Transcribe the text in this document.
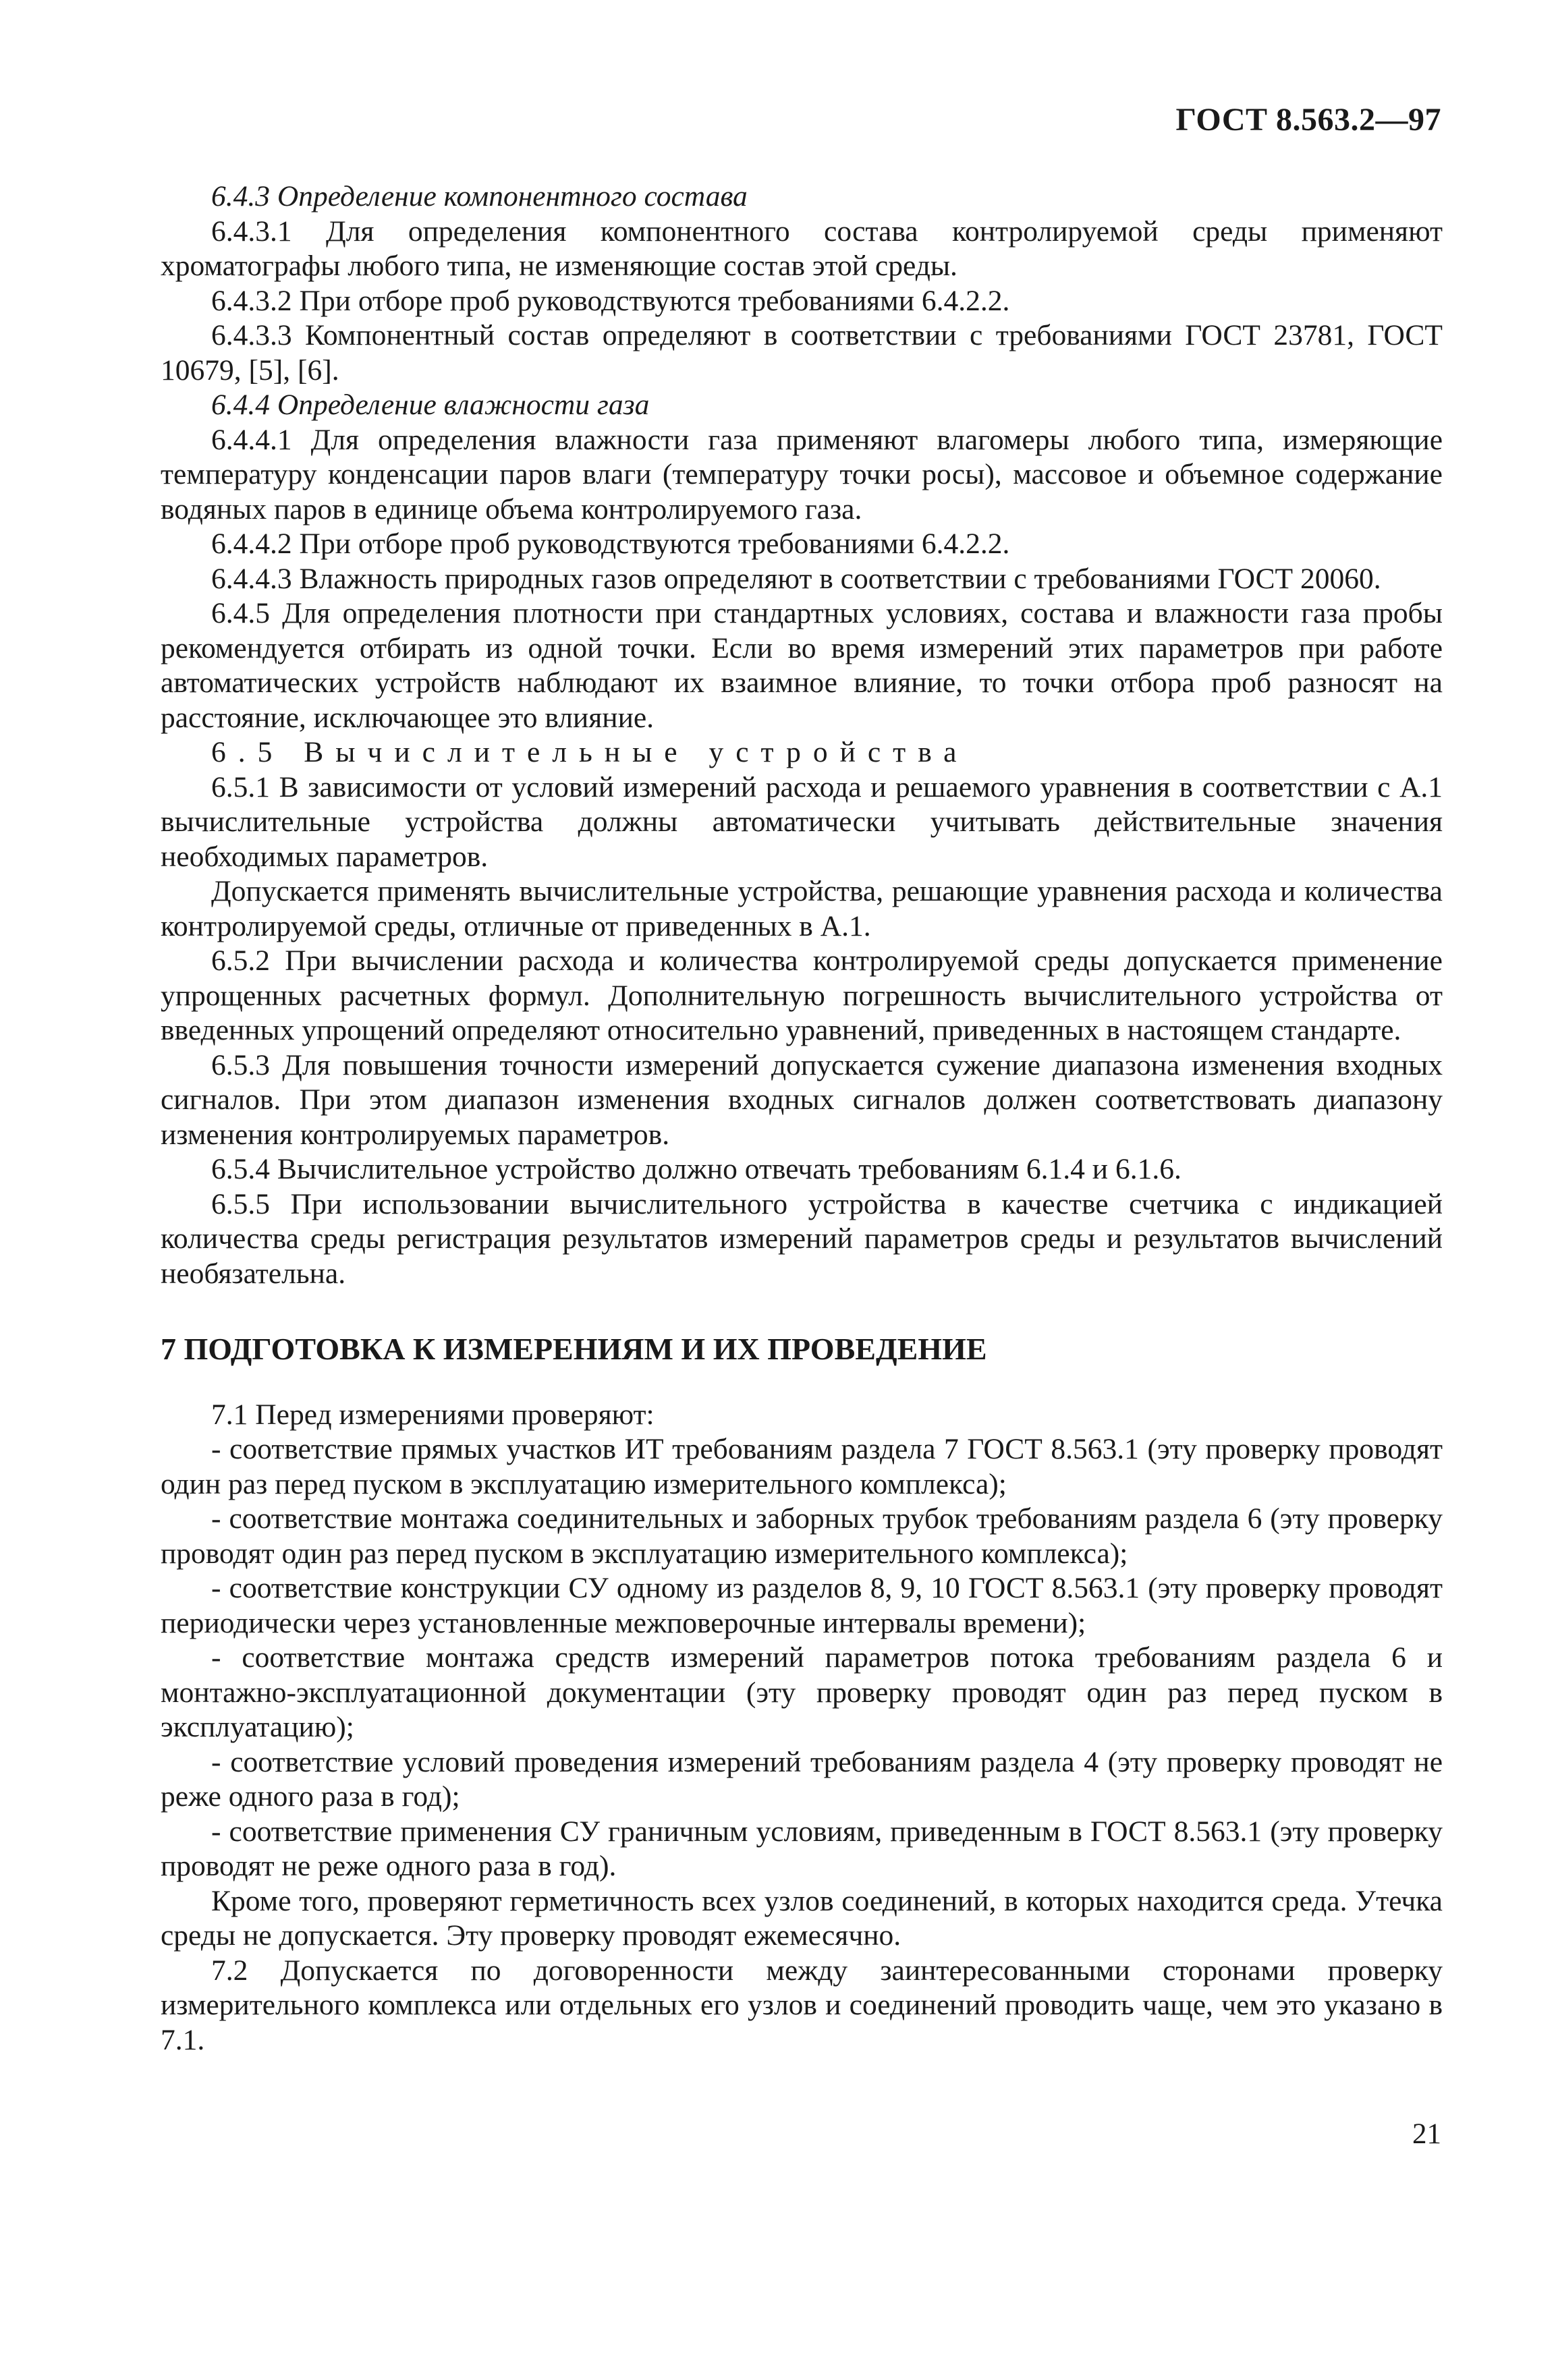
ГОСТ 8.563.2—97

6.4.3 Определение компонентного состава

6.4.3.1 Для определения компонентного состава контролируемой среды применяют хроматографы любого типа, не изменяющие состав этой среды.

6.4.3.2 При отборе проб руководствуются требованиями 6.4.2.2.

6.4.3.3 Компонентный состав определяют в соответствии с требованиями ГОСТ 23781, ГОСТ 10679, [5], [6].

6.4.4 Определение влажности газа

6.4.4.1 Для определения влажности газа применяют влагомеры любого типа, измеряющие температуру конденсации паров влаги (температуру точки росы), массовое и объемное содержание водяных паров в единице объема контролируемого газа.

6.4.4.2 При отборе проб руководствуются требованиями 6.4.2.2.

6.4.4.3 Влажность природных газов определяют в соответствии с требованиями ГОСТ 20060.

6.4.5 Для определения плотности при стандартных условиях, состава и влажности газа пробы рекомендуется отбирать из одной точки. Если во время измерений этих параметров при работе автоматических устройств наблюдают их взаимное влияние, то точки отбора проб разносят на расстояние, исключающее это влияние.

6.5 Вычислительные устройства

6.5.1 В зависимости от условий измерений расхода и решаемого уравнения в соответствии с А.1 вычислительные устройства должны автоматически учитывать действительные значения необходимых параметров.

Допускается применять вычислительные устройства, решающие уравнения расхода и количества контролируемой среды, отличные от приведенных в А.1.

6.5.2 При вычислении расхода и количества контролируемой среды допускается применение упрощенных расчетных формул. Дополнительную погрешность вычислительного устройства от введенных упрощений определяют относительно уравнений, приведенных в настоящем стандарте.

6.5.3 Для повышения точности измерений допускается сужение диапазона изменения входных сигналов. При этом диапазон изменения входных сигналов должен соответствовать диапазону изменения контролируемых параметров.

6.5.4 Вычислительное устройство должно отвечать требованиям 6.1.4 и 6.1.6.

6.5.5 При использовании вычислительного устройства в качестве счетчика с индикацией количества среды регистрация результатов измерений параметров среды и результатов вычислений необязательна.

7 ПОДГОТОВКА К ИЗМЕРЕНИЯМ И ИХ ПРОВЕДЕНИЕ

7.1 Перед измерениями проверяют:

- соответствие прямых участков ИТ требованиям раздела 7 ГОСТ 8.563.1 (эту проверку проводят один раз перед пуском в эксплуатацию измерительного комплекса);

- соответствие монтажа соединительных и заборных трубок требованиям раздела 6 (эту проверку проводят один раз перед пуском в эксплуатацию измерительного комплекса);

- соответствие конструкции СУ одному из разделов 8, 9, 10 ГОСТ 8.563.1 (эту проверку проводят периодически через установленные межповерочные интервалы времени);

- соответствие монтажа средств измерений параметров потока требованиям раздела 6 и монтажно-эксплуатационной документации (эту проверку проводят один раз перед пуском в эксплуатацию);

- соответствие условий проведения измерений требованиям раздела 4 (эту проверку проводят не реже одного раза в год);

- соответствие применения СУ граничным условиям, приведенным в ГОСТ 8.563.1 (эту проверку проводят не реже одного раза в год).

Кроме того, проверяют герметичность всех узлов соединений, в которых находится среда. Утечка среды не допускается. Эту проверку проводят ежемесячно.

7.2 Допускается по договоренности между заинтересованными сторонами проверку измерительного комплекса или отдельных его узлов и соединений проводить чаще, чем это указано в 7.1.

21
